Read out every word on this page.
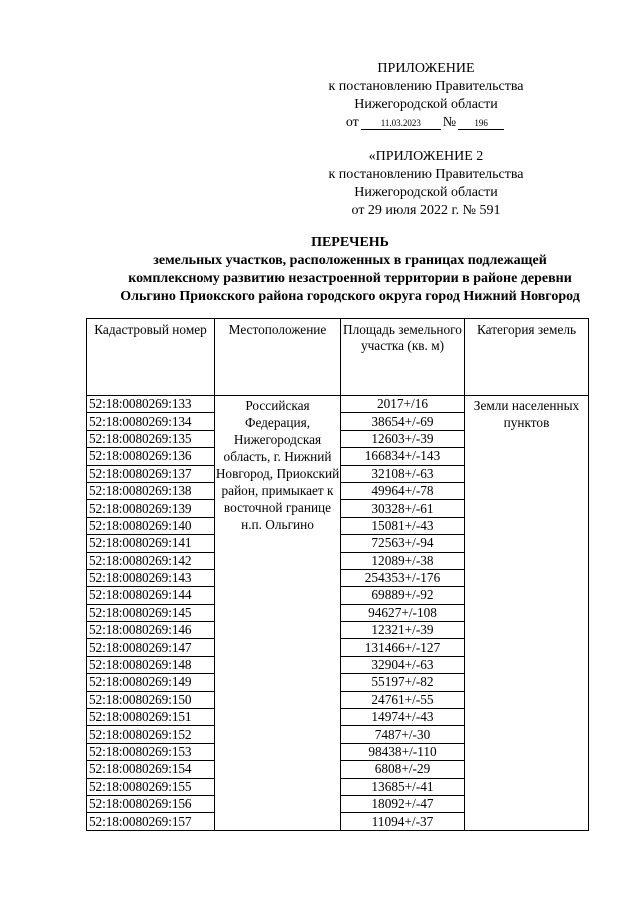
ПРИЛОЖЕНИЕ
к постановлению Правительства
Нижегородской области
от	11.03.2023	№	196
«ПРИЛОЖЕНИЕ 2
к постановлению Правительства
Нижегородской области
от 29 июля 2022 г. № 591
ПЕРЕЧЕНЬ
земельных участков, расположенных в границах подлежащей
комплексному развитию незастроенной территории в районе деревни
Ольгино Приокского района городского округа город Нижний Новгород
Кадастровый номер	Местоположение	Площадь земельного участка (кв. м)	Категория земель
52:18:0080269:133	Российская Федерация, Нижегородская область, г. Нижний Новгород, Приокский район, примыкает к восточной границе н.п. Ольгино	2017+/16	Земли населенных пунктов
52:18:0080269:134		38654+/-69	
52:18:0080269:135		12603+/-39	
52:18:0080269:136		166834+/-143	
52:18:0080269:137		32108+/-63	
52:18:0080269:138		49964+/-78	
52:18:0080269:139		30328+/-61	
52:18:0080269:140		15081+/-43	
52:18:0080269:141		72563+/-94	
52:18:0080269:142		12089+/-38	
52:18:0080269:143		254353+/-176	
52:18:0080269:144		69889+/-92	
52:18:0080269:145		94627+/-108	
52:18:0080269:146		12321+/-39	
52:18:0080269:147		131466+/-127	
52:18:0080269:148		32904+/-63	
52:18:0080269:149		55197+/-82	
52:18:0080269:150		24761+/-55	
52:18:0080269:151		14974+/-43	
52:18:0080269:152		7487+/-30	
52:18:0080269:153		98438+/-110	
52:18:0080269:154		6808+/-29	
52:18:0080269:155		13685+/-41	
52:18:0080269:156		18092+/-47	
52:18:0080269:157		11094+/-37	
